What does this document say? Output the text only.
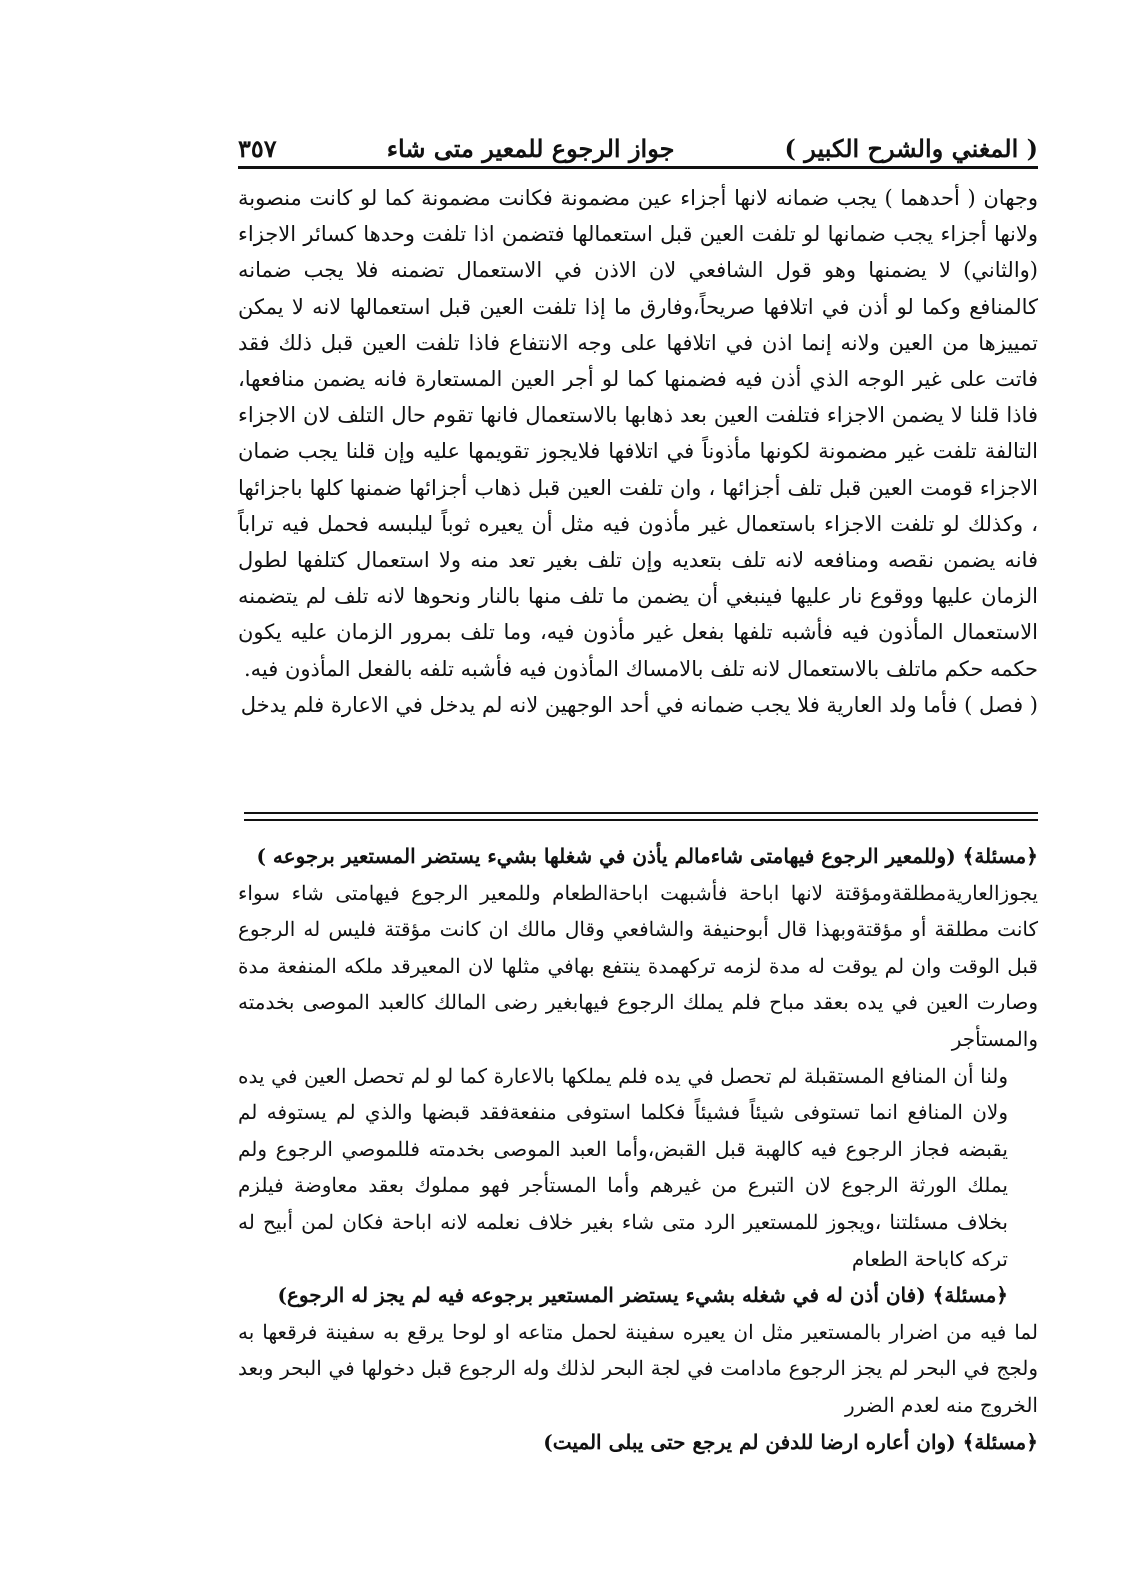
( المغني والشرح الكبير )
جواز الرجوع للمعير متى شاء
٣٥٧

وجهان ( أحدهما ) يجب ضمانه لانها أجزاء عين مضمونة فكانت مضمونة كما لو كانت منصوبة ولانها أجزاء يجب ضمانها لو تلفت العين قبل استعمالها فتضمن اذا تلفت وحدها كسائر الاجزاء (والثاني) لا يضمنها وهو قول الشافعي لان الاذن في الاستعمال تضمنه فلا يجب ضمانه كالمنافع وكما لو أذن في اتلافها صريحاً،وفارق ما إذا تلفت العين قبل استعمالها لانه لا يمكن تمييزها من العين ولانه إنما اذن في اتلافها على وجه الانتفاع فاذا تلفت العين قبل ذلك فقد فاتت على غير الوجه الذي أذن فيه فضمنها كما لو أجر العين المستعارة فانه يضمن منافعها، فاذا قلنا لا يضمن الاجزاء فتلفت العين بعد ذهابها بالاستعمال فانها تقوم حال التلف لان الاجزاء التالفة تلفت غير مضمونة لكونها مأذوناً في اتلافها فلايجوز تقويمها عليه وإن قلنا يجب ضمان الاجزاء قومت العين قبل تلف أجزائها ، وان تلفت العين قبل ذهاب أجزائها ضمنها كلها باجزائها ، وكذلك لو تلفت الاجزاء باستعمال غير مأذون فيه مثل أن يعيره ثوباً ليلبسه فحمل فيه تراباً فانه يضمن نقصه ومنافعه لانه تلف بتعديه وإن تلف بغير تعد منه ولا استعمال كتلفها لطول الزمان عليها ووقوع نار عليها فينبغي أن يضمن ما تلف منها بالنار ونحوها لانه تلف لم يتضمنه الاستعمال المأذون فيه فأشبه تلفها بفعل غير مأذون فيه، وما تلف بمرور الزمان عليه يكون حكمه حكم ماتلف بالاستعمال لانه تلف بالامساك المأذون فيه فأشبه تلفه بالفعل المأذون فيه.

( فصل ) فأما ولد العارية فلا يجب ضمانه في أحد الوجهين لانه لم يدخل في الاعارة فلم يدخل

﴿مسئلة﴾ (وللمعير الرجوع فيهامتى شاءمالم يأذن في شغلها بشيء يستضر المستعير برجوعه )

يجوزالعاريةمطلقةومؤقتة لانها اباحة فأشبهت اباحةالطعام وللمعير الرجوع فيهامتى شاء سواء كانت مطلقة أو مؤقتةوبهذا قال أبوحنيفة والشافعي وقال مالك ان كانت مؤقتة فليس له الرجوع قبل الوقت وان لم يوقت له مدة لزمه تركهمدة ينتفع بهافي مثلها لان المعيرقد ملكه المنفعة مدة وصارت العين في يده بعقد مباح فلم يملك الرجوع فيهابغير رضى المالك كالعبد الموصى بخدمته والمستأجر

ولنا أن المنافع المستقبلة لم تحصل في يده فلم يملكها بالاعارة كما لو لم تحصل العين في يده ولان المنافع انما تستوفى شيئاً فشيئاً فكلما استوفى منفعةفقد قبضها والذي لم يستوفه لم يقبضه فجاز الرجوع فيه كالهبة قبل القبض،وأما العبد الموصى بخدمته فللموصي الرجوع ولم يملك الورثة الرجوع لان التبرع من غيرهم وأما المستأجر فهو مملوك بعقد معاوضة فيلزم بخلاف مسئلتنا ،ويجوز للمستعير الرد متى شاء بغير خلاف نعلمه لانه اباحة فكان لمن أبيح له تركه كاباحة الطعام

﴿مسئلة﴾ (فان أذن له في شغله بشيء يستضر المستعير برجوعه فيه لم يجز له الرجوع)

لما فيه من اضرار بالمستعير مثل ان يعيره سفينة لحمل متاعه او لوحا يرقع به سفينة فرقعها به ولجج في البحر لم يجز الرجوع مادامت في لجة البحر لذلك وله الرجوع قبل دخولها في البحر وبعد الخروج منه لعدم الضرر

﴿مسئلة﴾ (وان أعاره ارضا للدفن لم يرجع حتى يبلى الميت)
